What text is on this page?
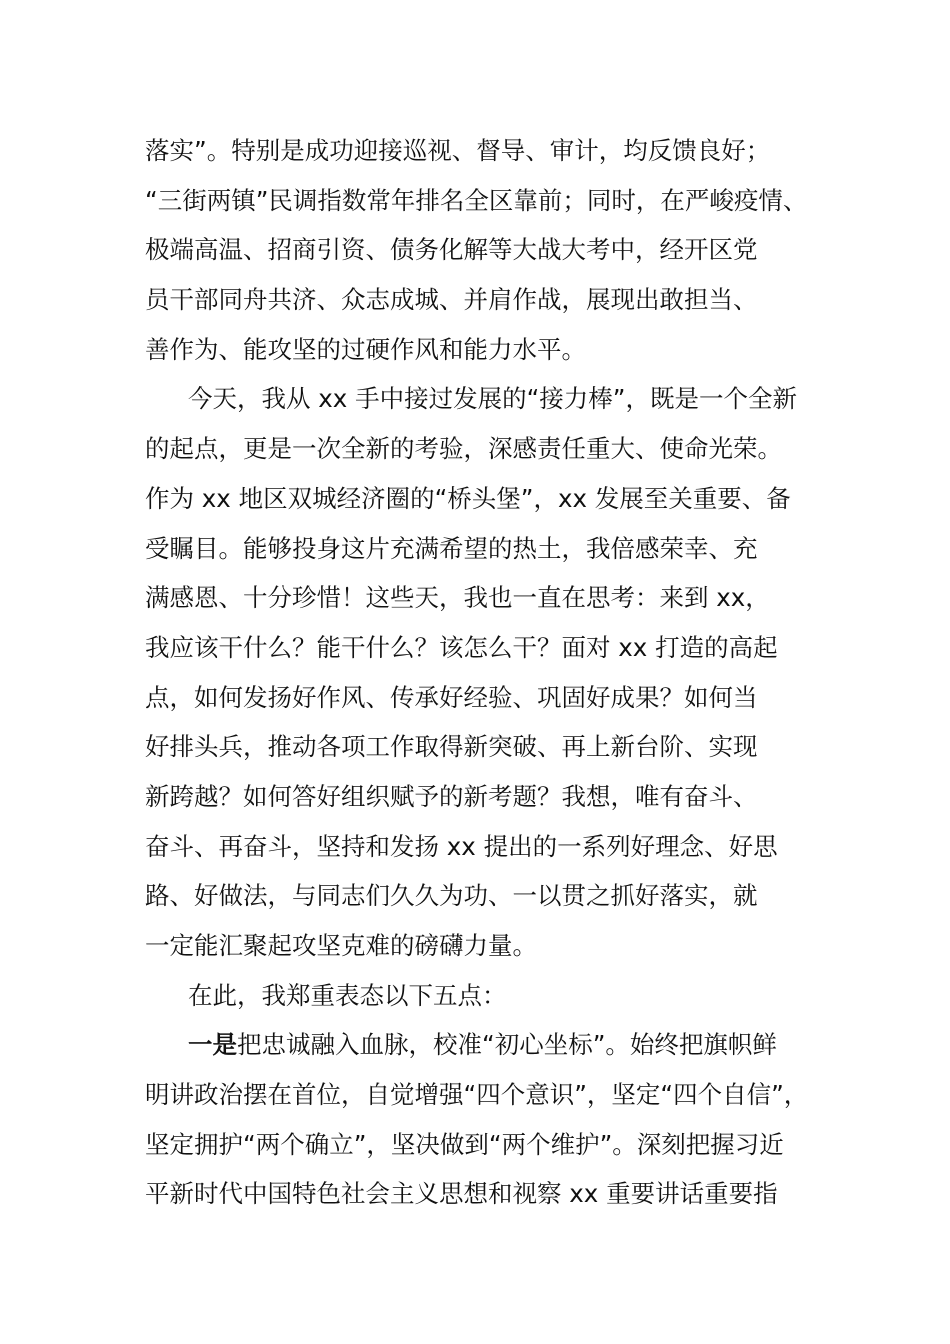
落实”。特别是成功迎接巡视、督导、审计，均反馈良好；
“三街两镇”民调指数常年排名全区靠前；同时，在严峻疫情、
极端高温、招商引资、债务化解等大战大考中，经开区党
员干部同舟共济、众志成城、并肩作战，展现出敢担当、
善作为、能攻坚的过硬作风和能力水平。
今天，我从 xx 手中接过发展的“接力棒”，既是一个全新
的起点，更是一次全新的考验，深感责任重大、使命光荣。
作为 xx 地区双城经济圈的“桥头堡”，xx 发展至关重要、备
受瞩目。能够投身这片充满希望的热土，我倍感荣幸、充
满感恩、十分珍惜！这些天，我也一直在思考：来到 xx，
我应该干什么？能干什么？该怎么干？面对 xx 打造的高起
点，如何发扬好作风、传承好经验、巩固好成果？如何当
好排头兵，推动各项工作取得新突破、再上新台阶、实现
新跨越？如何答好组织赋予的新考题？我想，唯有奋斗、
奋斗、再奋斗，坚持和发扬 xx 提出的一系列好理念、好思
路、好做法，与同志们久久为功、一以贯之抓好落实，就
一定能汇聚起攻坚克难的磅礴力量。
在此，我郑重表态以下五点：
一是把忠诚融入血脉，校准“初心坐标”。始终把旗帜鲜
明讲政治摆在首位，自觉增强“四个意识”，坚定“四个自信”，
坚定拥护“两个确立”，坚决做到“两个维护”。深刻把握习近
平新时代中国特色社会主义思想和视察 xx 重要讲话重要指
